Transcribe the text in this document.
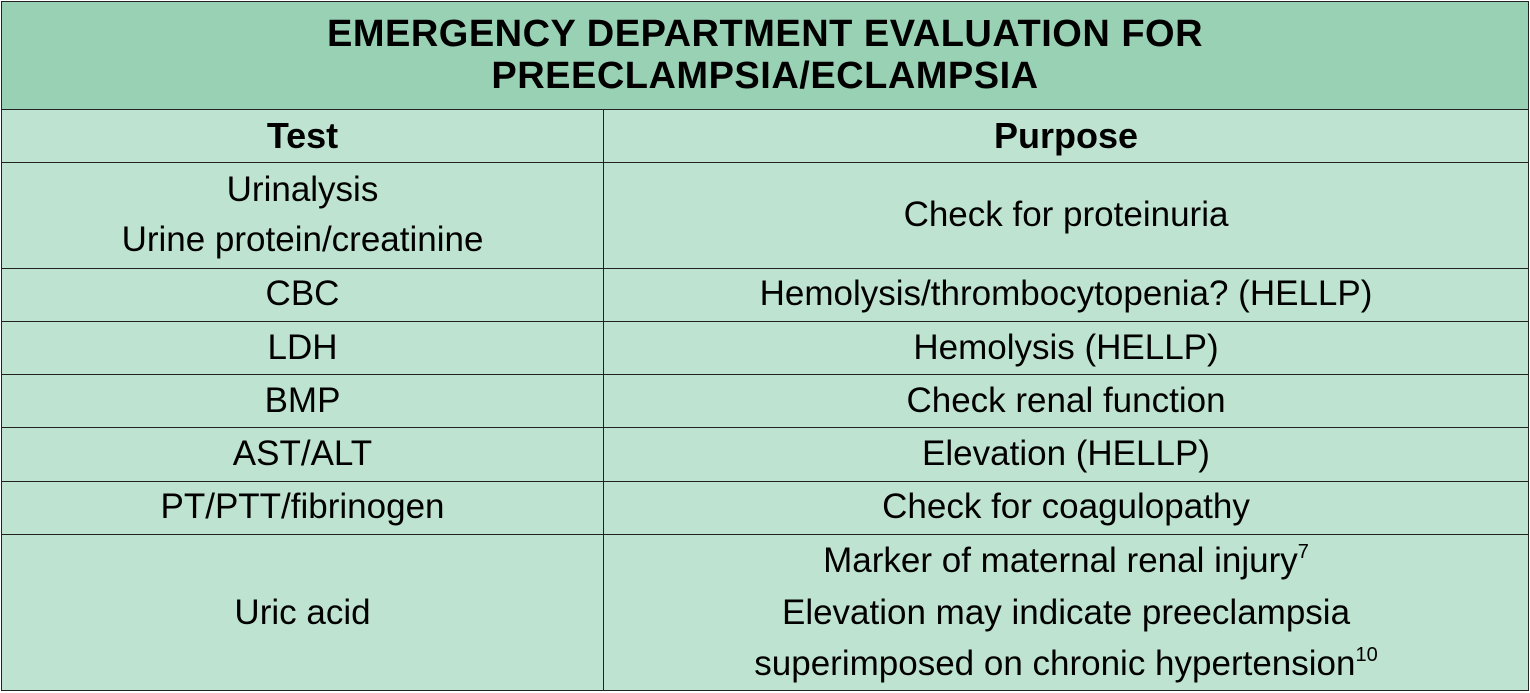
EMERGENCY DEPARTMENT EVALUATION FOR
PREECLAMPSIA/ECLAMPSIA	

Test	Purpose

Urinalysis
Urine protein/creatinine	Check for proteinuria
CBC	Hemolysis/thrombocytopenia? (HELLP)
LDH	Hemolysis (HELLP)
BMP	Check renal function
AST/ALT	Elevation (HELLP)
PT/PTT/fibrinogen	Check for coagulopathy
Uric acid	Marker of maternal renal injury$^7$
Elevation may indicate preeclampsia
superimposed on chronic hypertension$^{10}$
